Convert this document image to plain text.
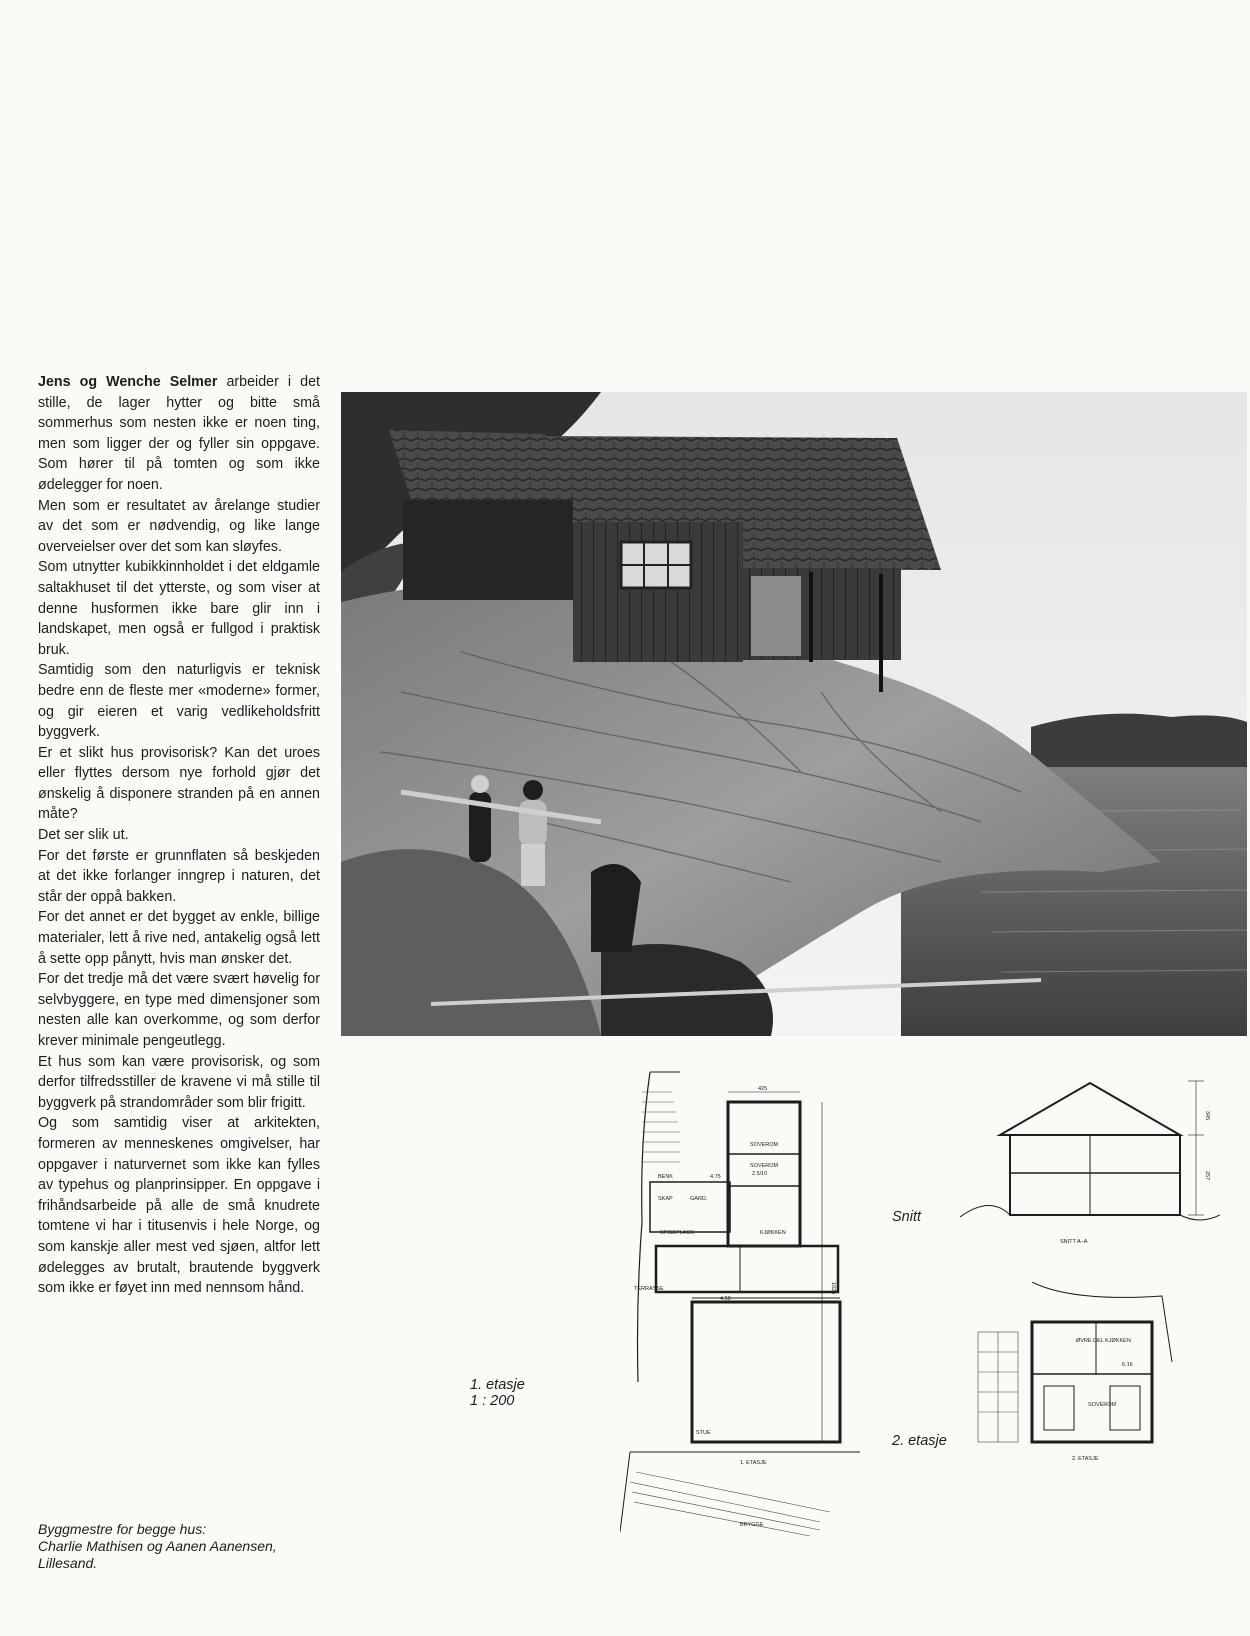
Jens og Wenche Selmer arbeider i det stille, de lager hytter og bitte små sommerhus som nesten ikke er noen ting, men som ligger der og fyller sin oppgave. Som hører til på tomten og som ikke ødelegger for noen.

Men som er resultatet av årelange studier av det som er nødvendig, og like lange overveielser over det som kan sløyfes.

Som utnytter kubikkinnholdet i det eldgamle saltakhuset til det ytterste, og som viser at denne husformen ikke bare glir inn i landskapet, men også er fullgod i praktisk bruk.

Samtidig som den naturligvis er teknisk bedre enn de fleste mer «moderne» former, og gir eieren et varig vedlikeholdsfritt byggverk.

Er et slikt hus provisorisk? Kan det uroes eller flyttes dersom nye forhold gjør det ønskelig å disponere stranden på en annen måte?

Det ser slik ut.

For det første er grunnflaten så beskjeden at det ikke forlanger inngrep i naturen, det står der oppå bakken.

For det annet er det bygget av enkle, billige materialer, lett å rive ned, antakelig også lett å sette opp pånytt, hvis man ønsker det.

For det tredje må det være svært høvelig for selvbyggere, en type med dimensjoner som nesten alle kan overkomme, og som derfor krever minimale pengeutlegg.

Et hus som kan være provisorisk, og som derfor tilfredsstiller de kravene vi må stille til byggverk på strandområder som blir frigitt.

Og som samtidig viser at arkitekten, formeren av menneskenes omgivelser, har oppgaver i naturvernet som ikke kan fylles av typehus og planprinsipper. En oppgave i frihåndsarbeide på alle de små knudrete tomtene vi har i titusenvis i hele Norge, og som kanskje aller mest ved sjøen, altfor lett ødelegges av brutalt, brautende byggverk som ikke er føyet inn med nennsom hånd.

Byggmestre for begge hus:
Charlie Mathisen og Aanen Aanensen,
Lillesand.
425
1025
SOVEROM
SOVEROM
2.5/10
BENK	4.75
SKAP	GARD.
SPISEPLASS	KJØKKEN
TERRASSE
4.50
STUE
1. ETASJE
BRYGGE
1. etasje
1 : 200
345
257
SNITT A–A
Snitt
ØVRE DEL KJØKKEN
6.16
SOVEROM
2. ETASJE
2. etasje
